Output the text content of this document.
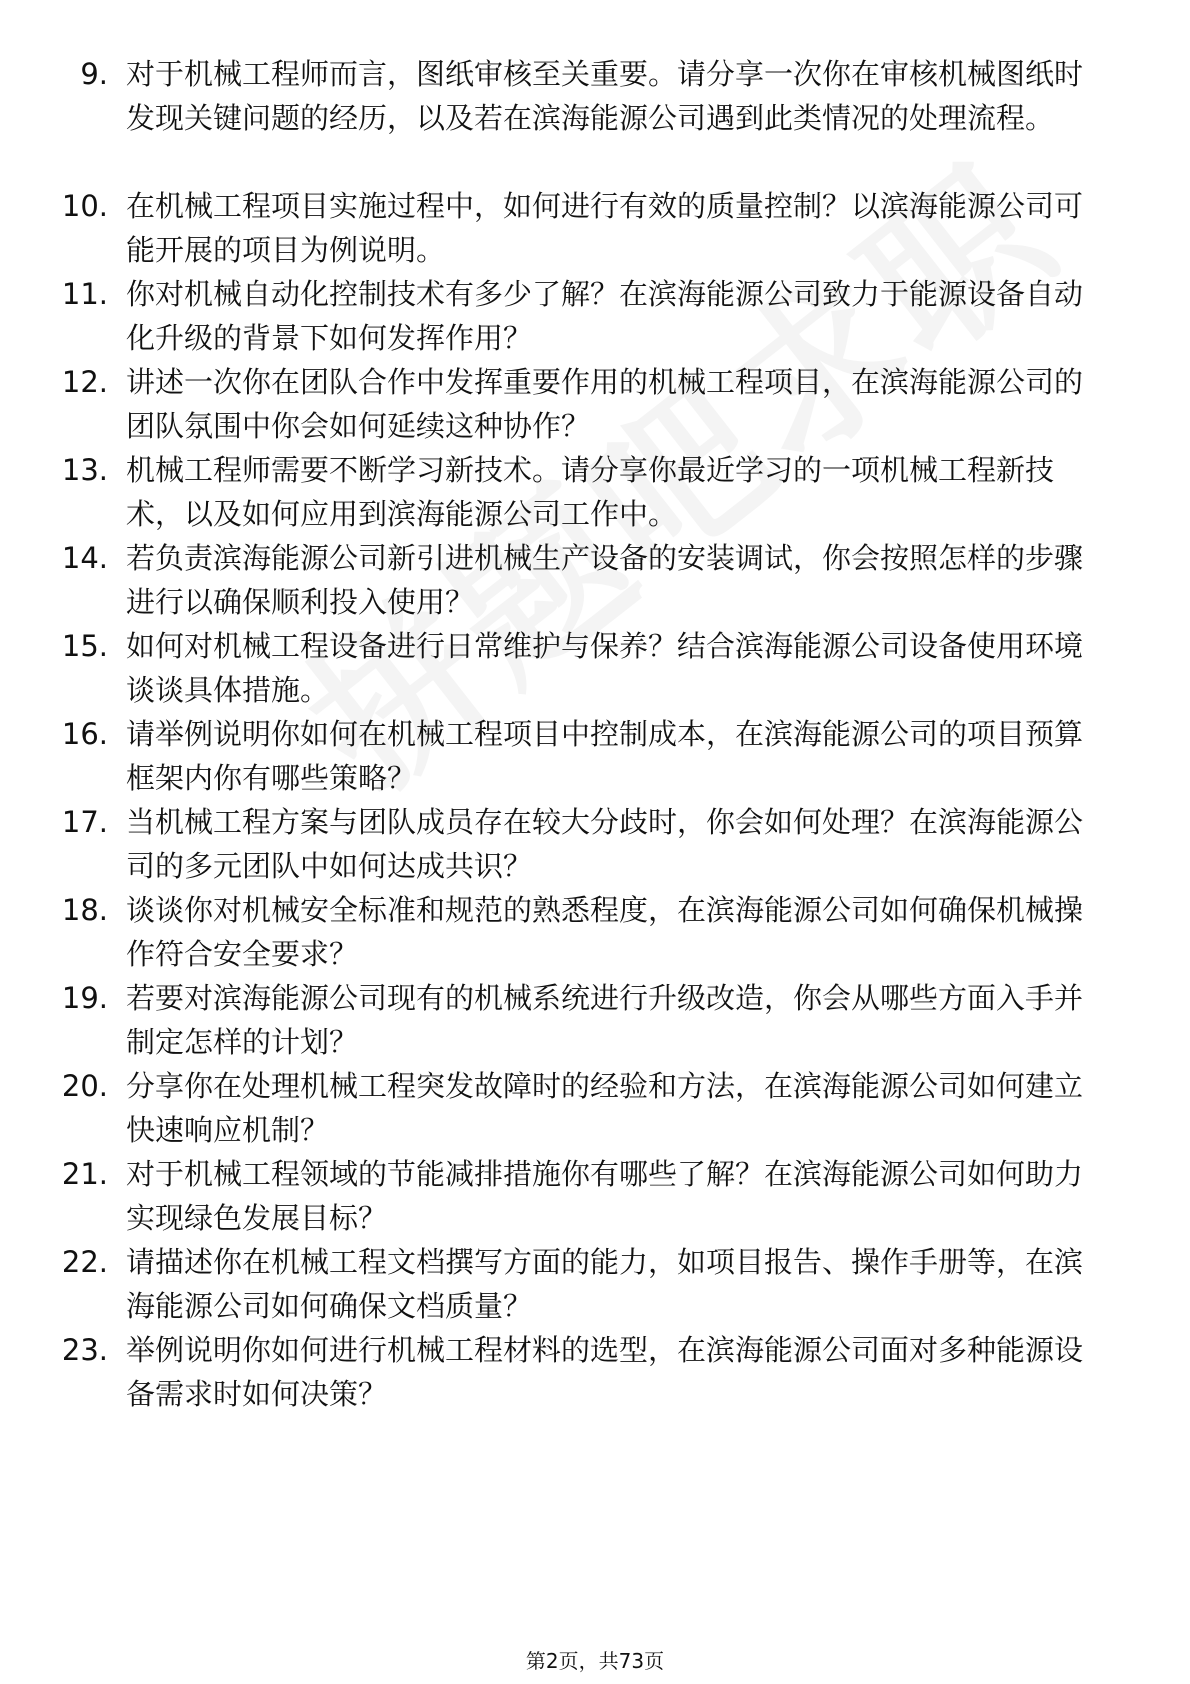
9. 对于机械工程师而言，图纸审核至关重要。请分享一次你在审核机械图纸时发现关键问题的经历，以及若在滨海能源公司遇到此类情况的处理流程。
10. 在机械工程项目实施过程中，如何进行有效的质量控制？以滨海能源公司可能开展的项目为例说明。
11. 你对机械自动化控制技术有多少了解？在滨海能源公司致力于能源设备自动化升级的背景下如何发挥作用？
12. 讲述一次你在团队合作中发挥重要作用的机械工程项目，在滨海能源公司的团队氛围中你会如何延续这种协作？
13. 机械工程师需要不断学习新技术。请分享你最近学习的一项机械工程新技术，以及如何应用到滨海能源公司工作中。
14. 若负责滨海能源公司新引进机械生产设备的安装调试，你会按照怎样的步骤进行以确保顺利投入使用？
15. 如何对机械工程设备进行日常维护与保养？结合滨海能源公司设备使用环境谈谈具体措施。
16. 请举例说明你如何在机械工程项目中控制成本，在滨海能源公司的项目预算框架内你有哪些策略？
17. 当机械工程方案与团队成员存在较大分歧时，你会如何处理？在滨海能源公司的多元团队中如何达成共识？
18. 谈谈你对机械安全标准和规范的熟悉程度，在滨海能源公司如何确保机械操作符合安全要求？
19. 若要对滨海能源公司现有的机械系统进行升级改造，你会从哪些方面入手并制定怎样的计划？
20. 分享你在处理机械工程突发故障时的经验和方法，在滨海能源公司如何建立快速响应机制？
21. 对于机械工程领域的节能减排措施你有哪些了解？在滨海能源公司如何助力实现绿色发展目标？
22. 请描述你在机械工程文档撰写方面的能力，如项目报告、操作手册等，在滨海能源公司如何确保文档质量？
23. 举例说明你如何进行机械工程材料的选型，在滨海能源公司面对多种能源设备需求时如何决策？
第2页，共73页
